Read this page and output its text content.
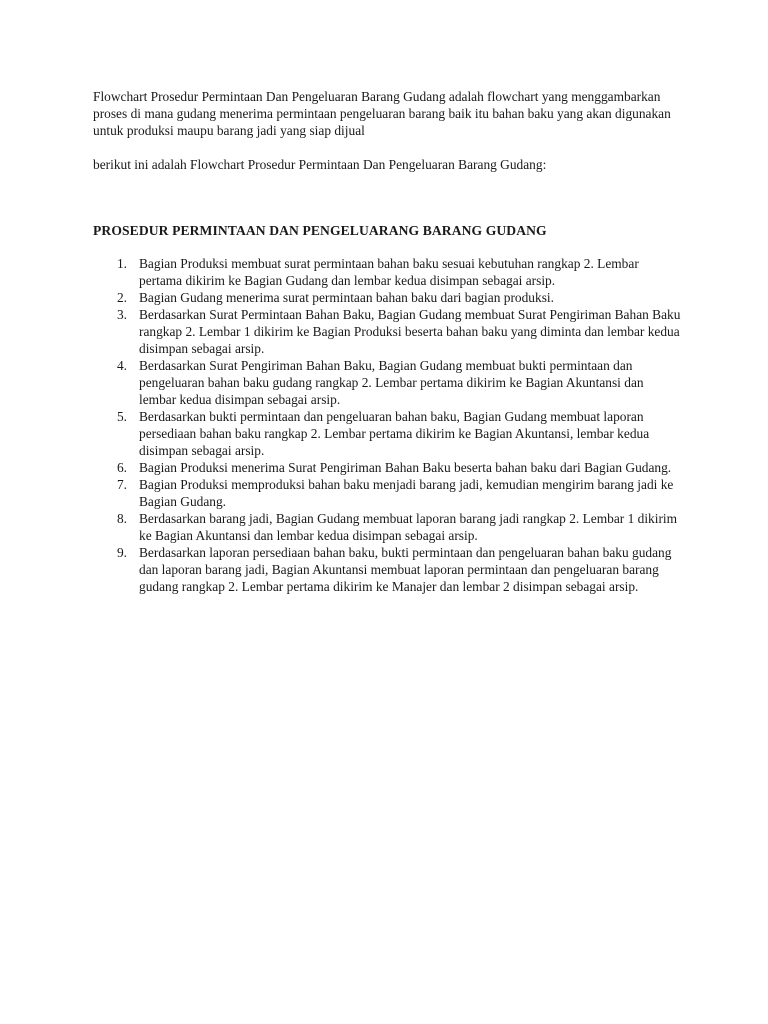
Flowchart Prosedur Permintaan Dan Pengeluaran Barang Gudang adalah flowchart yang menggambarkan proses di mana gudang menerima permintaan pengeluaran barang baik itu bahan baku yang akan digunakan untuk produksi maupu barang jadi yang siap dijual

berikut ini adalah Flowchart Prosedur Permintaan Dan Pengeluaran Barang Gudang:

PROSEDUR PERMINTAAN DAN PENGELUARANG BARANG GUDANG
1. Bagian Produksi membuat surat permintaan bahan baku sesuai kebutuhan rangkap 2. Lembar pertama dikirim ke Bagian Gudang dan lembar kedua disimpan sebagai arsip.
2. Bagian Gudang menerima surat permintaan bahan baku dari bagian produksi.
3. Berdasarkan Surat Permintaan Bahan Baku, Bagian Gudang membuat Surat Pengiriman Bahan Baku rangkap 2. Lembar 1 dikirim ke Bagian Produksi beserta bahan baku yang diminta dan lembar kedua disimpan sebagai arsip.
4. Berdasarkan Surat Pengiriman Bahan Baku, Bagian Gudang membuat bukti permintaan dan pengeluaran bahan baku gudang rangkap 2. Lembar pertama dikirim ke Bagian Akuntansi dan lembar kedua disimpan sebagai arsip.
5. Berdasarkan bukti permintaan dan pengeluaran bahan baku, Bagian Gudang membuat laporan persediaan bahan baku rangkap 2. Lembar pertama dikirim ke Bagian Akuntansi, lembar kedua disimpan sebagai arsip.
6. Bagian Produksi menerima Surat Pengiriman Bahan Baku beserta bahan baku dari Bagian Gudang.
7. Bagian Produksi memproduksi bahan baku menjadi barang jadi, kemudian mengirim barang jadi ke Bagian Gudang.
8. Berdasarkan barang jadi, Bagian Gudang membuat laporan barang jadi rangkap 2. Lembar 1 dikirim ke Bagian Akuntansi dan lembar kedua disimpan sebagai arsip.
9. Berdasarkan laporan persediaan bahan baku, bukti permintaan dan pengeluaran bahan baku gudang dan laporan barang jadi, Bagian Akuntansi membuat laporan permintaan dan pengeluaran barang gudang rangkap 2. Lembar pertama dikirim ke Manajer dan lembar 2 disimpan sebagai arsip.
